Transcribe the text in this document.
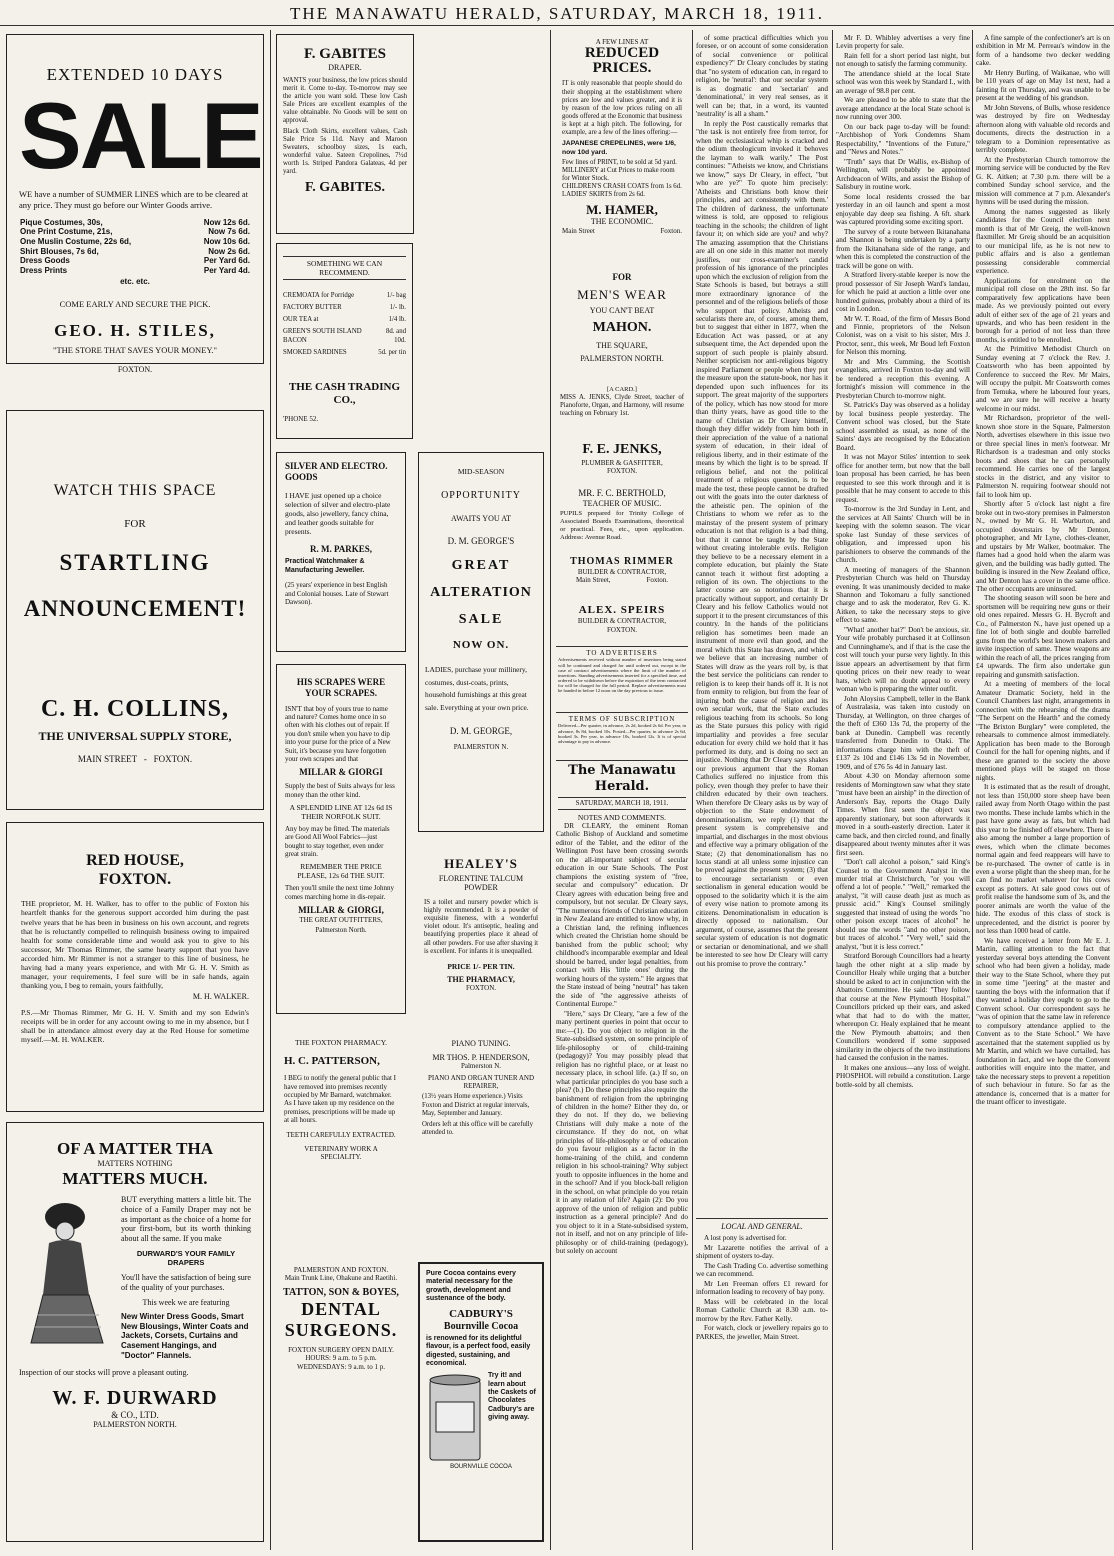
THE MANAWATU HERALD, SATURDAY, MARCH 18, 1911.
EXTENDED 10 DAYS
SALE
WE have a number of SUMMER LINES which are to be cleared at any price. They must go before our Winter Goods arrive.
Pique Costumes, 30s,	Now 12s 6d.
One Print Costume, 21s,	Now 7s 6d.
One Muslin Costume, 22s 6d,	Now 10s 6d.
Shirt Blouses, 7s 6d,	Now 2s 6d.
Dress Goods	Per Yard 6d.
Dress Prints	Per Yard 4d.
etc. etc.
COME EARLY AND SECURE THE PICK.
GEO. H. STILES,
"THE STORE THAT SAVES YOUR MONEY."
FOXTON.
WATCH THIS SPACE
FOR
STARTLING
ANNOUNCEMENT!
C. H. COLLINS,
THE UNIVERSAL SUPPLY STORE,
MAIN STREET   -   FOXTON.
RED HOUSE, FOXTON.
THE proprietor, M. H. Walker, has to offer to the public of Foxton his heartfelt thanks for the generous support accorded him during the past twelve years that he has been in business on his own account, and regrets that he is reluctantly compelled to relinquish business owing to impaired health for some considerable time and would ask you to give to his successor, Mr Thomas Rimmer, the same hearty support that you have accorded him. Mr Rimmer is not a stranger to this line of business, he having had a many years experience, and with Mr G. H. V. Smith as manager, your requirements, I feel sure will be in safe hands, again thanking you, I beg to remain, yours faithfully,
M. H. WALKER.
P.S.—Mr Thomas Rimmer, Mr G. H. V. Smith and my son Edwin's receipts will be in order for any account owing to me in my absence, but I shall be in attendance almost every day at the Red House for sometime myself.—M. H. WALKER.
OF A MATTER THA
MATTERS NOTHING
MATTERS MUCH.
BUT everything matters a little bit. The choice of a Family Draper may not be as important as the choice of a home for your first-born, but its worth thinking about all the same. If you make
DURWARD'S YOUR FAMILY DRAPERS
You'll have the satisfaction of being sure of the quality of your purchases.
This week we are featuring
New Winter Dress Goods, Smart New Blousings, Winter Coats and Jackets, Corsets, Curtains and Casement Hangings, and "Doctor" Flannels.
Inspection of our stocks will prove a pleasant outing.
W. F. DURWARD
& CO., LTD.
PALMERSTON NORTH.
F. GABITES
DRAPER.
WANTS your business, the low prices should merit it. Come to-day. To-morrow may see the article you want sold. These low Cash Sale Prices are excellent examples of the value obtainable. No Goods will be sent on approval.
Black Cloth Skirts, excellent values, Cash Sale Price 5s 11d. Navy and Maroon Sweaters, schoolboy sizes, 1s each, wonderful value. Sateen Crepolines, 7½d worth 1s. Striped Pandora Galateas, 4d per yard.
F. GABITES.
SOMETHING WE CAN RECOMMEND.
CREMOATA for Porridge	1/- bag
FACTORY BUTTER	1/- lb.
OUR TEA at	1/4 lb.
GREEN'S SOUTH ISLAND BACON	8d. and 10d.
SMOKED SARDINES	5d. per tin
THE CASH TRADING CO.,
'PHONE 52.
SILVER AND ELECTRO. GOODS
I HAVE just opened up a choice selection of silver and electro-plate goods, also jewellery, fancy china, and leather goods suitable for presents.
R. M. PARKES,
Practical Watchmaker & Manufacturing Jeweller.
(25 years' experience in best English and Colonial houses. Late of Stewart Dawson).
HIS SCRAPES WERE YOUR SCRAPES.
ISN'T that boy of yours true to name and nature? Comes home once in so often with his clothes out of repair. If you don't smile when you have to dip into your purse for the price of a New Suit, it's because you have forgotten your own scrapes and that
MILLAR & GIORGI
Supply the best of Suits always for less money than the other kind.
A SPLENDID LINE AT 12s 6d IS THEIR NORFOLK SUIT.
Any boy may be fitted. The materials are Good All Wool Fabrics—just bought to stay together, even under great strain.
REMEMBER THE PRICE PLEASE, 12s 6d THE SUIT.
Then you'll smile the next time Johnny comes marching home in dis-repair.
MILLAR & GIORGI,
THE GREAT OUTFITTERS,
Palmerston North.
THE FOXTON PHARMACY.
H. C. PATTERSON,
I BEG to notify the general public that I have removed into premises recently occupied by Mr Barnard, watchmaker. As I have taken up my residence on the premises, prescriptions will be made up at all hours.
TEETH CAREFULLY EXTRACTED.
VETERINARY WORK A SPECIALITY.
PALMERSTON AND FOXTON.
Main Trunk Line, Ohakune and Raetihi.
TATTON, SON & BOYES,
DENTAL
SURGEONS.
FOXTON SURGERY OPEN DAILY.
HOURS: 9 a.m. to 5 p.m.
WEDNESDAYS: 9 a.m. to 1 p.
MID-SEASON
OPPORTUNITY
AWAITS YOU AT
D. M. GEORGE'S
GREAT
ALTERATION
SALE
NOW ON.
LADIES, purchase your millinery, costumes, dust-coats, prints, household furnishings at this great sale. Everything at your own price.
D. M. GEORGE,
PALMERSTON N.
HEALEY'S
FLORENTINE TALCUM POWDER
IS a toilet and nursery powder which is highly recommended. It is a powder of exquisite fineness, with a wonderful violet odour. It's antiseptic, healing and beautifying properties place it ahead of all other powders. For use after shaving it is excellent. For infants it is unequalled.
PRICE 1/- PER TIN.
THE PHARMACY,
FOXTON.
PIANO TUNING.
MR THOS. P. HENDERSON,
Palmerston N.
PIANO AND ORGAN TUNER AND REPAIRER,
(13½ years Home experience.) Visits Foxton and District at regular intervals, May, September and January.
Orders left at this office will be carefully attended to.
Pure Cocoa contains every material necessary for the growth, development and sustenance of the body.
CADBURY'S
Bournville Cocoa
is renowned for its delightful flavour, is a perfect food, easily digested, sustaining, and economical.
Try it! and learn about the Caskets of Chocolates Cadbury's are giving away.
BOURNVILLE COCOA
A FEW LINES AT
REDUCED PRICES.
IT is only reasonable that people should do their shopping at the establishment where prices are low and values greater, and it is by reason of the low prices ruling on all goods offered at the Economic that business is kept at a high pitch. The following, for example, are a few of the lines offering:—
JAPANESE CREPELINES, were 1/6, now 10d yard.
Few lines of PRINT, to be sold at 5d yard.
MILLINERY at Cut Prices to make room for Winter Stock.
CHILDREN'S CRASH COATS from 1s 6d.
LADIES' SKIRTS from 2s 6d.
M. HAMER,
THE ECONOMIC.
Main Street	Foxton.
FOR
MEN'S WEAR
YOU CAN'T BEAT
MAHON.
THE SQUARE,
PALMERSTON NORTH.
[A CARD.]
MISS A. JENKS, Clyde Street, teacher of Pianoforte, Organ, and Harmony, will resume teaching on February 1st.
F. E. JENKS,
PLUMBER & GASFITTER,
FOXTON.
MR. F. C. BERTHOLD,
TEACHER OF MUSIC.
PUPILS prepared for Trinity College of Associated Boards Examinations, theoretical or practical. Fees, etc., upon application. Address: Avenue Road.
THOMAS RIMMER
BUILDER & CONTRACTOR,
Main Street,	Foxton.
ALEX. SPEIRS
BUILDER & CONTRACTOR,
FOXTON.
TO ADVERTISERS
Advertisements received without number of insertions being stated will be continued and charged for until ordered out, except in the case of contract advertisements where the limit of the number of insertions. Standing advertisements inserted for a specified time, and ordered to be withdrawn before the expiration of the term contracted for will be charged for the full period. Replace advertisements must be handed in before 12 noon on the day previous to issue.
TERMS OF SUBSCRIPTION
Delivered—Per quarter, in advance, 2s 2d, booked 2s 6d. Per year, in advance, 8s 8d, booked 10s. Posted—Per quarter, in advance 2s 6d, booked 3s. Per year, in advance 10s, booked 12s. It is of special advantage to pay in advance.
The Manawatu Herald.
SATURDAY, MARCH 18, 1911.
NOTES AND COMMENTS.

DR CLEARY, the eminent Roman Catholic Bishop of Auckland and sometime editor of the Tablet, and the editor of the Wellington Post have been crossing swords on the all-important subject of secular education in our State Schools. The Post champions the existing system of "free, secular and compulsory" education. Dr Cleary agrees with education being free and compulsory, but not secular. Dr Cleary says, "The numerous friends of Christian education in New Zealand are entitled to know why, in a Christian land, the refining influences which created the Christian home should be banished from the public school; why childhood's incomparable exemplar and Ideal should be barred, under legal penalties, from contact with His 'little ones' during the working hours of the system." He argues that the State instead of being "neutral" has taken the side of "the aggressive atheists of Continental Europe."

"Here," says Dr Cleary, "are a few of the many pertinent queries in point that occur to me:—(1). Do you object to religion in the State-subsidised system, on some principle of life-philosophy or of child-training (pedagogy)? You may possibly plead that religion has no rightful place, or at least no necessary place, in school life. (a.) If so, on what particular principles do you base such a plea? (b.) Do these principles also require the banishment of religion from the upbringing of children in the home? Either they do, or they do not. If they do, we believing Christians will duly make a note of the circumstance. If they do not, on what principles of life-philosophy or of education do you favour religion as a factor in the home-training of the child, and condemn religion in his school-training? Why subject youth to opposite influences in the home and in the school? And if you block-ball religion in the school, on what principle do you retain it in any relation of life? Again (2): Do you approve of the union of religion and public instruction as a general principle? And do you object to it in a State-subsidised system, not in itself, and not on any principle of life-philosophy or of child-training (pedagogy), but solely on account

of some practical difficulties which you foresee, or on account of some consideration of social convenience or political expediency?" Dr Cleary concludes by stating that "no system of education can, in regard to religion, be 'neutral': that our secular system is as dogmatic and 'sectarian' and 'denominational,' in very real senses, as it well can be; that, in a word, its vaunted 'neutrality' is all a sham."

In reply the Post caustically remarks that "the task is not entirely free from terror, for when the ecclesiastical whip is cracked and the odium theologicum invoked it behoves the layman to walk warily." The Post continues: "'Atheists we know, and Christians we know,'" says Dr Cleary, in effect, "but who are ye?" To quote him precisely: 'Atheists and Christians both know their principles, and act consistently with them.' The children of darkness, the unfortunate witness is told, are opposed to religious teaching in the schools; the children of light favour it; on which side are you? and why? The amazing assumption that the Christians are all on one side in this matter not merely justifies, our cross-examiner's candid profession of his ignorance of the principles upon which the exclusion of religion from the State Schools is based, but betrays a still more extraordinary ignorance of the personnel and of the religious beliefs of those who support that policy. Atheists and secularists there are, of course, among them, but to suggest that either in 1877, when the Education Act was passed, or at any subsequent time, the Act depended upon the support of such people is plainly absurd. Neither scepticism nor anti-religious bigotry inspired Parliament or people when they put the measure upon the statute-book, nor has it depended upon such influences for its support. The great majority of the supporters of the policy, which has now stood for more than thirty years, have as good title to the name of Christian as Dr Cleary himself, though they differ widely from him both in their appreciation of the value of a national system of education, in their ideal of religious liberty, and in their estimate of the means by which the light is to be spread. If religious belief, and not the political treatment of a religious question, is to be made the test, these people cannot be drafted out with the goats into the outer darkness of the atheistic pen. The opinion of the Christians to whom we refer as to the mainstay of the present system of primary education is not that religion is a bad thing, but that it cannot be taught by the State without creating intolerable evils. Religion they believe to be a necessary element in a complete education, but plainly the State cannot teach it without first adopting a religion of its own. The objections to the latter course are so notorious that it is practically without support, and certainly Dr Cleary and his fellow Catholics would not support it to the present circumstances of this country. In the hands of the politicians religion has sometimes been made an instrument of more evil than good, and the moral which this State has drawn, and which we believe that an increasing number of States will draw as the years roll by, is that the best service the politicians can render to religion is to keep their hands off it. It is not from enmity to religion, but from the fear of injuring both the cause of religion and its own secular work, that the State excludes religious teaching from its schools. So long as the State pursues this policy with rigid impartiality and provides a free secular education for every child we hold that it has performed its duty, and is doing no sect an injustice. Nothing that Dr Cleary says shakes our previous argument that the Roman Catholics suffered no injustice from this policy, even though they prefer to have their children educated by their own teachers. When therefore Dr Cleary asks us by way of objection to the State endowment of denominationalism, we reply (1) that the present system is comprehensive and impartial, and discharges in the most obvious and effective way a primary obligation of the State; (2) that denominationalism has no locus standi at all unless some injustice can be proved against the present system; (3) that to encourage sectarianism or even sectionalism in general education would be opposed to the solidarity which it is the aim of every wise nation to promote among its citizens. Denominationalism in education is directly opposed to nationalism. Our argument, of course, assumes that the present secular system of education is not dogmatic or sectarian or denominational, and we shall be interested to see how Dr Cleary will carry out his promise to prove the contrary."

LOCAL AND GENERAL.

A lost pony is advertised for.

Mr Lazarette notifies the arrival of a shipment of oysters to-day.

The Cash Trading Co. advertise something we can recommend.

Mr Len Freeman offers £1 reward for information leading to recovery of bay pony.

Mass will be celebrated in the local Roman Catholic Church at 8.30 a.m. to-morrow by the Rev. Father Kelly.

For watch, clock or jewellery repairs go to PARKES, the jeweller, Main Street.

Mr F. D. Whibley advertises a very fine Levin property for sale.

Rain fell for a short period last night, but not enough to satisfy the farming community.

The attendance shield at the local State school was won this week by Standard I., with an average of 98.8 per cent.

We are pleased to be able to state that the average attendance at the local State school is now running over 300.

On our back page to-day will be found: "Archbishop of York Condemns Sham Respectability," "Inventions of the Future," and "News and Notes."

"Truth" says that Dr Wallis, ex-Bishop of Wellington, will probably be appointed Archdeacon of Wilts, and assist the Bishop of Salisbury in routine work.

Some local residents crossed the bar yesterday in an oil launch and spent a most enjoyable day deep sea fishing. A 6ft. shark was captured providing some exciting sport.

The survey of a route between Ikitanahana and Shannon is being undertaken by a party from the Ikitanahana side of the range, and when this is completed the construction of the track will be gone on with.

A Stratford livery-stable keeper is now the proud possessor of Sir Joseph Ward's landau, for which he paid at auction a little over one hundred guineas, probably about a third of its cost in London.

Mr W. T. Road, of the firm of Messrs Bond and Finnie, proprietors of the Nelson Colonist, was on a visit to his sister, Mrs J. Proctor, senr., this week, Mr Boud left Foxton for Nelson this morning.

Mr and Mrs Cumming, the Scottish evangelists, arrived in Foxton to-day and will be tendered a reception this evening. A fortnight's mission will commence in the Presbyterian Church to-morrow night.

St. Patrick's Day was observed as a holiday by local business people yesterday. The Convent school was closed, but the State school assembled as usual, as none of the Saints' days are recognised by the Education Board.

It was not Mayor Stiles' intention to seek office for another term, but now that the ball loan proposal has been carried, he has been requested to see this work through and it is possible that he may consent to accede to this request.

To-morrow is the 3rd Sunday in Lent, and the services at All Saints' Church will be in keeping with the solemn season. The vicar spoke last Sunday of these services of obligation, and impressed upon his parishioners to observe the commands of the church.

A meeting of managers of the Shannon Presbyterian Church was held on Thursday evening. It was unanimously decided to make Shannon and Tokomaru a fully sanctioned charge and to ask the moderator, Rev G. K. Aitken, to take the necessary steps to give effect to same.

"What! another hat?" Don't be anxious, sir. Your wife probably purchased it at Collinson and Cunninghame's, and if that is the case the cost will touch your purse very lightly. In this issue appears an advertisement by that firm quoting prices on their new ready to wear hats, which will no doubt appeal to every woman who is preparing the winter outfit.

John Aloysius Campbell, teller in the Bank of Australasia, was taken into custody on Thursday, at Wellington, on three charges of the theft of £360 13s 7d, the property of the bank at Dunedin. Campbell was recently transferred from Dunedin to Otaki. The informations charge him with the theft of £137 2s 10d and £146 13s 5d in November, 1909, and of £76 5s 4d in January last.

About 4.30 on Monday afternoon some residents of Morningtown saw what they state "must have been an airship" in the direction of Anderson's Bay, reports the Otago Daily Times. When first seen the object was apparently stationary, but soon afterwards it moved in a south-easterly direction. Later it came back, and then circled round, and finally disappeared about twenty minutes after it was first seen.

"Don't call alcohol a poison," said King's Counsel to the Government Analyst in the murder trial at Christchurch, "or you will offend a lot of people." "Well," remarked the analyst, "it will cause death just as much as prussic acid." King's Counsel smilingly suggested that instead of using the words "no other poison except traces of alcohol" he should use the words "and no other poison, but traces of alcohol." "Very well," said the analyst, "but it is less correct."

Stratford Borough Councillors had a hearty laugh the other night at a slip made by Councillor Healy while urging that a butcher should be asked to act in conjunction with the Abattoirs Committee. He said: "They follow that course at the New Plymouth Hospital." Councillors pricked up their ears, and asked what that had to do with the matter, whereupon Cr. Healy explained that he meant the New Plymouth abattoirs; and then Councillors wondered if some supposed similarity in the objects of the two institutions had caused the confusion in the names.

It makes one anxious—any loss of weight. PHOSPHOL will rebuild a constitution. Large bottle-sold by all chemists.

A fine sample of the confectioner's art is on exhibition in Mr M. Perreau's window in the form of a handsome two decker wedding cake.

Mr Henry Burling, of Waikanae, who will be 110 years of age on May 1st next, had a fainting fit on Thursday, and was unable to be present at the wedding of his grandson.

Mr John Stevens, of Bulls, whose residence was destroyed by fire on Wednesday afternoon along with valuable old records and documents, directs the destruction in a telegram to a Dominion representative as terribly complete.

At the Presbyterian Church tomorrow the morning service will be conducted by the Rev G. K. Aitken; at 7.30 p.m. there will be a combined Sunday school service, and the mission will commence at 7 p.m. Alexander's hymns will be used during the mission.

Among the names suggested as likely candidates for the Council election next month is that of Mr Greig, the well-known flaxmiller. Mr Greig should be an acquisition to our municipal life, as he is not new to public affairs and is also a gentleman possessing considerable commercial experience.

Applications for enrolment on the municipal roll close on the 28th inst. So far comparatively few applications have been made. As we previously pointed out every adult of either sex of the age of 21 years and upwards, and who has been resident in the borough for a period of not less than three months, is entitled to be enrolled.

At the Primitive Methodist Church on Sunday evening at 7 o'clock the Rev. J. Coatsworth who has been appointed by Conference to succeed the Rev. Mr Mairs, will occupy the pulpit. Mr Coatsworth comes from Temuka, where he laboured four years, and we are sure he will receive a hearty welcome in our midst.

Mr Richardson, proprietor of the well-known shoe store in the Square, Palmerston North, advertises elsewhere in this issue two or three special lines in men's footwear. Mr Richardson is a tradesman and only stocks boots and shoes that he can personally recommend. He carries one of the largest stocks in the district, and any visitor to Palmerston N. requiring footwear should not fail to look him up.

Shortly after 5 o'clock last night a fire broke out in two-story premises in Palmerston N., owned by Mr G. H. Warburton, and occupied downstairs by Mr Denton, photographer, and Mr Lyne, clothes-cleaner, and upstairs by Mr Walker, bootmaker. The flames had a good hold when the alarm was given, and the building was badly gutted. The building is insured in the New Zealand office, and Mr Denton has a cover in the same office. The other occupants are uninsured.

The shooting season will soon be here and sportsmen will be requiring new guns or their old ones repaired. Messrs G. H. Bycroft and Co., of Palmerston N., have just opened up a fine lot of both single and double barrelled guns from the world's best known makers and invite inspection of same. These weapons are within the reach of all, the prices ranging from £4 upwards. The firm also undertake gun repairing and gunsmith satisfaction.

At a meeting of members of the local Amateur Dramatic Society, held in the Council Chambers last night, arrangements in connection with the rehearsing of the drama "The Serpent on the Hearth" and the comedy "The Brixton Burglary" were completed, the rehearsals to commence almost immediately. Application has been made to the Borough Council for the hall for opening nights, and if these are granted to the society the above mentioned plays will be staged on those nights.

It is estimated that as the result of drought, not less than 150,000 store sheep have been railed away from North Otago within the past two months. These include lambs which in the past have gone away as fats, but which had this year to be finished off elsewhere. There is also among the number a large proportion of ewes, which when the climate becomes normal again and feed reappears will have to be re-purchased. The owner of cattle is in even a worse plight than the sheep man, for he can find no market whatever for his cows except as potters. At sale good cows out of profit realise the handsome sum of 3s, and the poorer animals are worth the value of the hide. The exodus of this class of stock is unprecedented, and the district is poorer by not less than 1000 head of cattle.

We have received a letter from Mr E. J. Martin, calling attention to the fact that yesterday several boys attending the Convent school who had been given a holiday, made their way to the State School, where they put in some time "jeering" at the master and taunting the boys with the information that if they wanted a holiday they ought to go to the Convent school. Our correspondent says he "was of opinion that the same law in reference to compulsory attendance applied to the Convent as to the State School." We have ascertained that the statement supplied us by Mr Martin, and which we have curtailed, has foundation in fact, and we hope the Convent authorities will enquire into the matter, and take the necessary steps to prevent a repetition of such behaviour in future. So far as the attendance is, concerned that is a matter for the truant officer to investigate.
